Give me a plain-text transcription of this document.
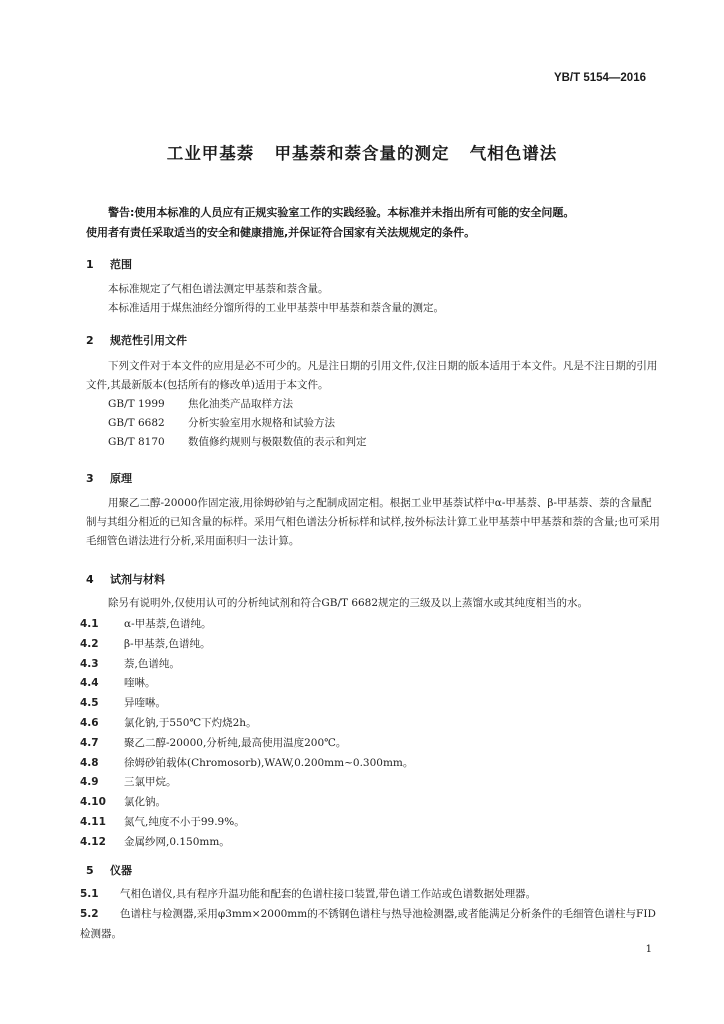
YB/T 5154—2016
工业甲基萘   甲基萘和萘含量的测定   气相色谱法

警告:使用本标准的人员应有正规实验室工作的实践经验。本标准并未指出所有可能的安全问题。

使用者有责任采取适当的安全和健康措施,并保证符合国家有关法规规定的条件。

1 范围

本标准规定了气相色谱法测定甲基萘和萘含量。

本标准适用于煤焦油经分馏所得的工业甲基萘中甲基萘和萘含量的测定。

2 规范性引用文件

下列文件对于本文件的应用是必不可少的。凡是注日期的引用文件,仅注日期的版本适用于本文件。凡是不注日期的引用文件,其最新版本(包括所有的修改单)适用于本文件。

GB/T 1999 焦化油类产品取样方法
GB/T 6682 分析实验室用水规格和试验方法
GB/T 8170 数值修约规则与极限数值的表示和判定
3 原理

用聚乙二醇-20000作固定液,用徐姆砂铂与之配制成固定相。根据工业甲基萘试样中α-甲基萘、β-甲基萘、萘的含量配制与其组分相近的已知含量的标样。采用气相色谱法分析标样和试样,按外标法计算工业甲基萘中甲基萘和萘的含量;也可采用毛细管色谱法进行分析,采用面积归一法计算。

4 试剂与材料

除另有说明外,仅使用认可的分析纯试剂和符合GB/T 6682规定的三级及以上蒸馏水或其纯度相当的水。

4.1 α-甲基萘,色谱纯。
4.2 β-甲基萘,色谱纯。
4.3 萘,色谱纯。
4.4 喹啉。
4.5 异喹啉。
4.6 氯化钠,于550℃下灼烧2h。
4.7 聚乙二醇-20000,分析纯,最高使用温度200℃。
4.8 徐姆砂铂载体(Chromosorb),WAW,0.200mm~0.300mm。
4.9 三氯甲烷。
4.10 氯化钠。
4.11 氮气,纯度不小于99.9%。
4.12 金属纱网,0.150mm。
5 仪器

5.1 气相色谱仪,具有程序升温功能和配套的色谱柱接口装置,带色谱工作站或色谱数据处理器。

5.2 色谱柱与检测器,采用φ3mm×2000mm的不锈钢色谱柱与热导池检测器,或者能满足分析条件的毛细管色谱柱与FID检测器。

1
